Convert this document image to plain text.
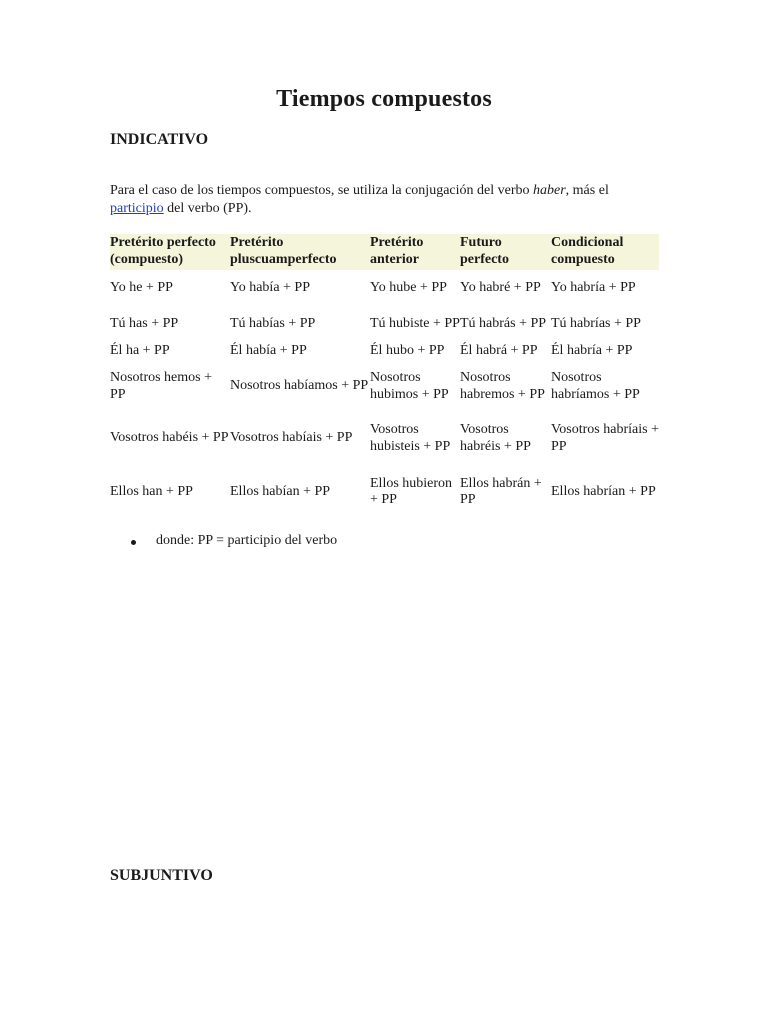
Tiempos compuestos
INDICATIVO

Para el caso de los tiempos compuestos, se utiliza la conjugación del verbo haber, más el participio del verbo (PP).

Pretérito perfecto (compuesto)	Pretérito pluscuamperfecto	Pretérito anterior	Futuro perfecto	Condicional compuesto
Yo he + PP	Yo había + PP	Yo hube + PP	Yo habré + PP	Yo habría + PP
Tú has + PP	Tú habías + PP	Tú hubiste + PP	Tú habrás + PP	Tú habrías + PP
Él ha + PP	Él había + PP	Él hubo + PP	Él habrá + PP	Él habría + PP
Nosotros hemos + PP	Nosotros habíamos + PP	Nosotros hubimos + PP	Nosotros habremos + PP	Nosotros habríamos + PP
Vosotros habéis + PP	Vosotros habíais + PP	Vosotros hubisteis + PP	Vosotros habréis + PP	Vosotros habríais + PP
Ellos han + PP	Ellos habían + PP	Ellos hubieron + PP	Ellos habrán + PP	Ellos habrían + PP
donde: PP = participio del verbo
SUBJUNTIVO
